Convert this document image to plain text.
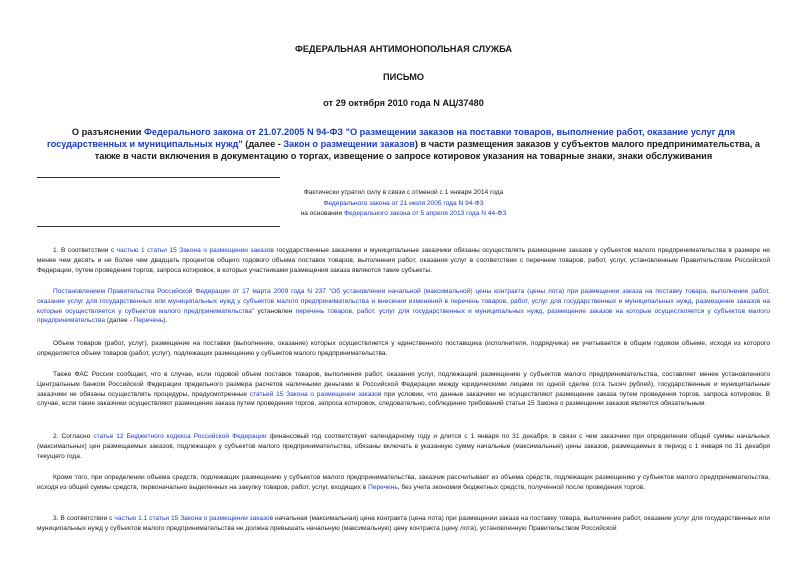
ФЕДЕРАЛЬНАЯ АНТИМОНОПОЛЬНАЯ СЛУЖБА
ПИСЬМО
от 29 октября 2010 года N АЦ/37480
О разъяснении Федерального закона от 21.07.2005 N 94-ФЗ "О размещении заказов на поставки товаров, выполнение работ, оказание услуг для государственных и муниципальных нужд" (далее - Закон о размещении заказов) в части размещения заказов у субъектов малого предпринимательства, а также в части включения в документацию о торгах, извещение о запросе котировок указания на товарные знаки, знаки обслуживания
Фактически утратил силу в связи с отменой с 1 января 2014 года
Федерального закона от 21 июля 2005 года N 94-ФЗ
на основании Федерального закона от 5 апреля 2013 года N 44-ФЗ
1. В соответствии с частью 1 статьи 15 Закона о размещении заказов государственные заказчики и муниципальные заказчики обязаны осуществлять размещение заказов у субъектов малого предпринимательства в размере не менее чем десять и не более чем двадцать процентов общего годового объема поставок товаров, выполнения работ, оказания услуг в соответствии с перечнем товаров, работ, услуг, установленным Правительством Российской Федерации, путем проведения торгов, запроса котировок, в которых участниками размещения заказа являются такие субъекты.
Постановлением Правительства Российской Федерации от 17 марта 2009 года N 237 "Об установлении начальной (максимальной) цены контракта (цены лота) при размещении заказа на поставку товара, выполнение работ, оказание услуг для государственных или муниципальных нужд у субъектов малого предпринимательства и внесении изменений в перечень товаров, работ, услуг для государственных и муниципальных нужд, размещение заказов на которые осуществляется у субъектов малого предпринимательства" установлен перечень товаров, работ, услуг для государственных и муниципальных нужд, размещение заказов на которые осуществляется у субъектов малого предпринимательства (далее - Перечень).
Объем товаров (работ, услуг), размещение на поставки (выполнение, оказание) которых осуществляется у единственного поставщика (исполнителя, подрядчика) не учитывается в общем годовом объеме, исходя из которого определяется объем товаров (работ, услуг), подлежащих размещению у субъектов малого предпринимательства.
Также ФАС России сообщает, что в случае, если годовой объем поставок товаров, выполнения работ, оказания услуг, подлежащий размещению у субъектов малого предпринимательства, составляет менее установленного Центральным банком Российской Федерации предельного размера расчетов наличными деньгами в Российской Федерации между юридическими лицами по одной сделке (ста тысяч рублей), государственные и муниципальные заказчики не обязаны осуществлять процедуры, предусмотренные статьей 15 Закона о размещении заказов при условии, что данные заказчики не осуществляют размещение заказа путем проведения торгов, запроса котировок. В случае, если такие заказчики осуществляют размещение заказа путем проведения торгов, запроса котировок, следовательно, соблюдение требований статьи 15 Закона о размещении заказов является обязательным.
2. Согласно статье 12 Бюджетного кодекса Российской Федерации финансовый год соответствует календарному году и длится с 1 января по 31 декабря, в связи с чем заказчики при определении общей суммы начальных (максимальных) цен размещаемых заказов, подлежащих у субъектов малого предпринимательства, обязаны включать в указанную сумму начальные (максимальные) цены заказов, размещаемых в период с 1 января по 31 декабря текущего года.
Кроме того, при определении объема средств, подлежащих размещению у субъектов малого предпринимательства, заказчик рассчитывает из объема средств, подлежащих размещению у субъектов малого предпринимательства, исходя из общей суммы средств, первоначально выделенных на закупку товаров, работ, услуг, входящих в Перечень, без учета экономии бюджетных средств, полученной после проведения торгов.
3. В соответствии с частью 1.1 статьи 15 Закона о размещении заказов начальная (максимальная) цена контракта (цена лота) при размещении заказа на поставку товара, выполнение работ, оказание услуг для государственных или муниципальных нужд у субъектов малого предпринимательства не должна превышать начальную (максимальную) цену контракта (цену лота), установленную Правительством Российской
